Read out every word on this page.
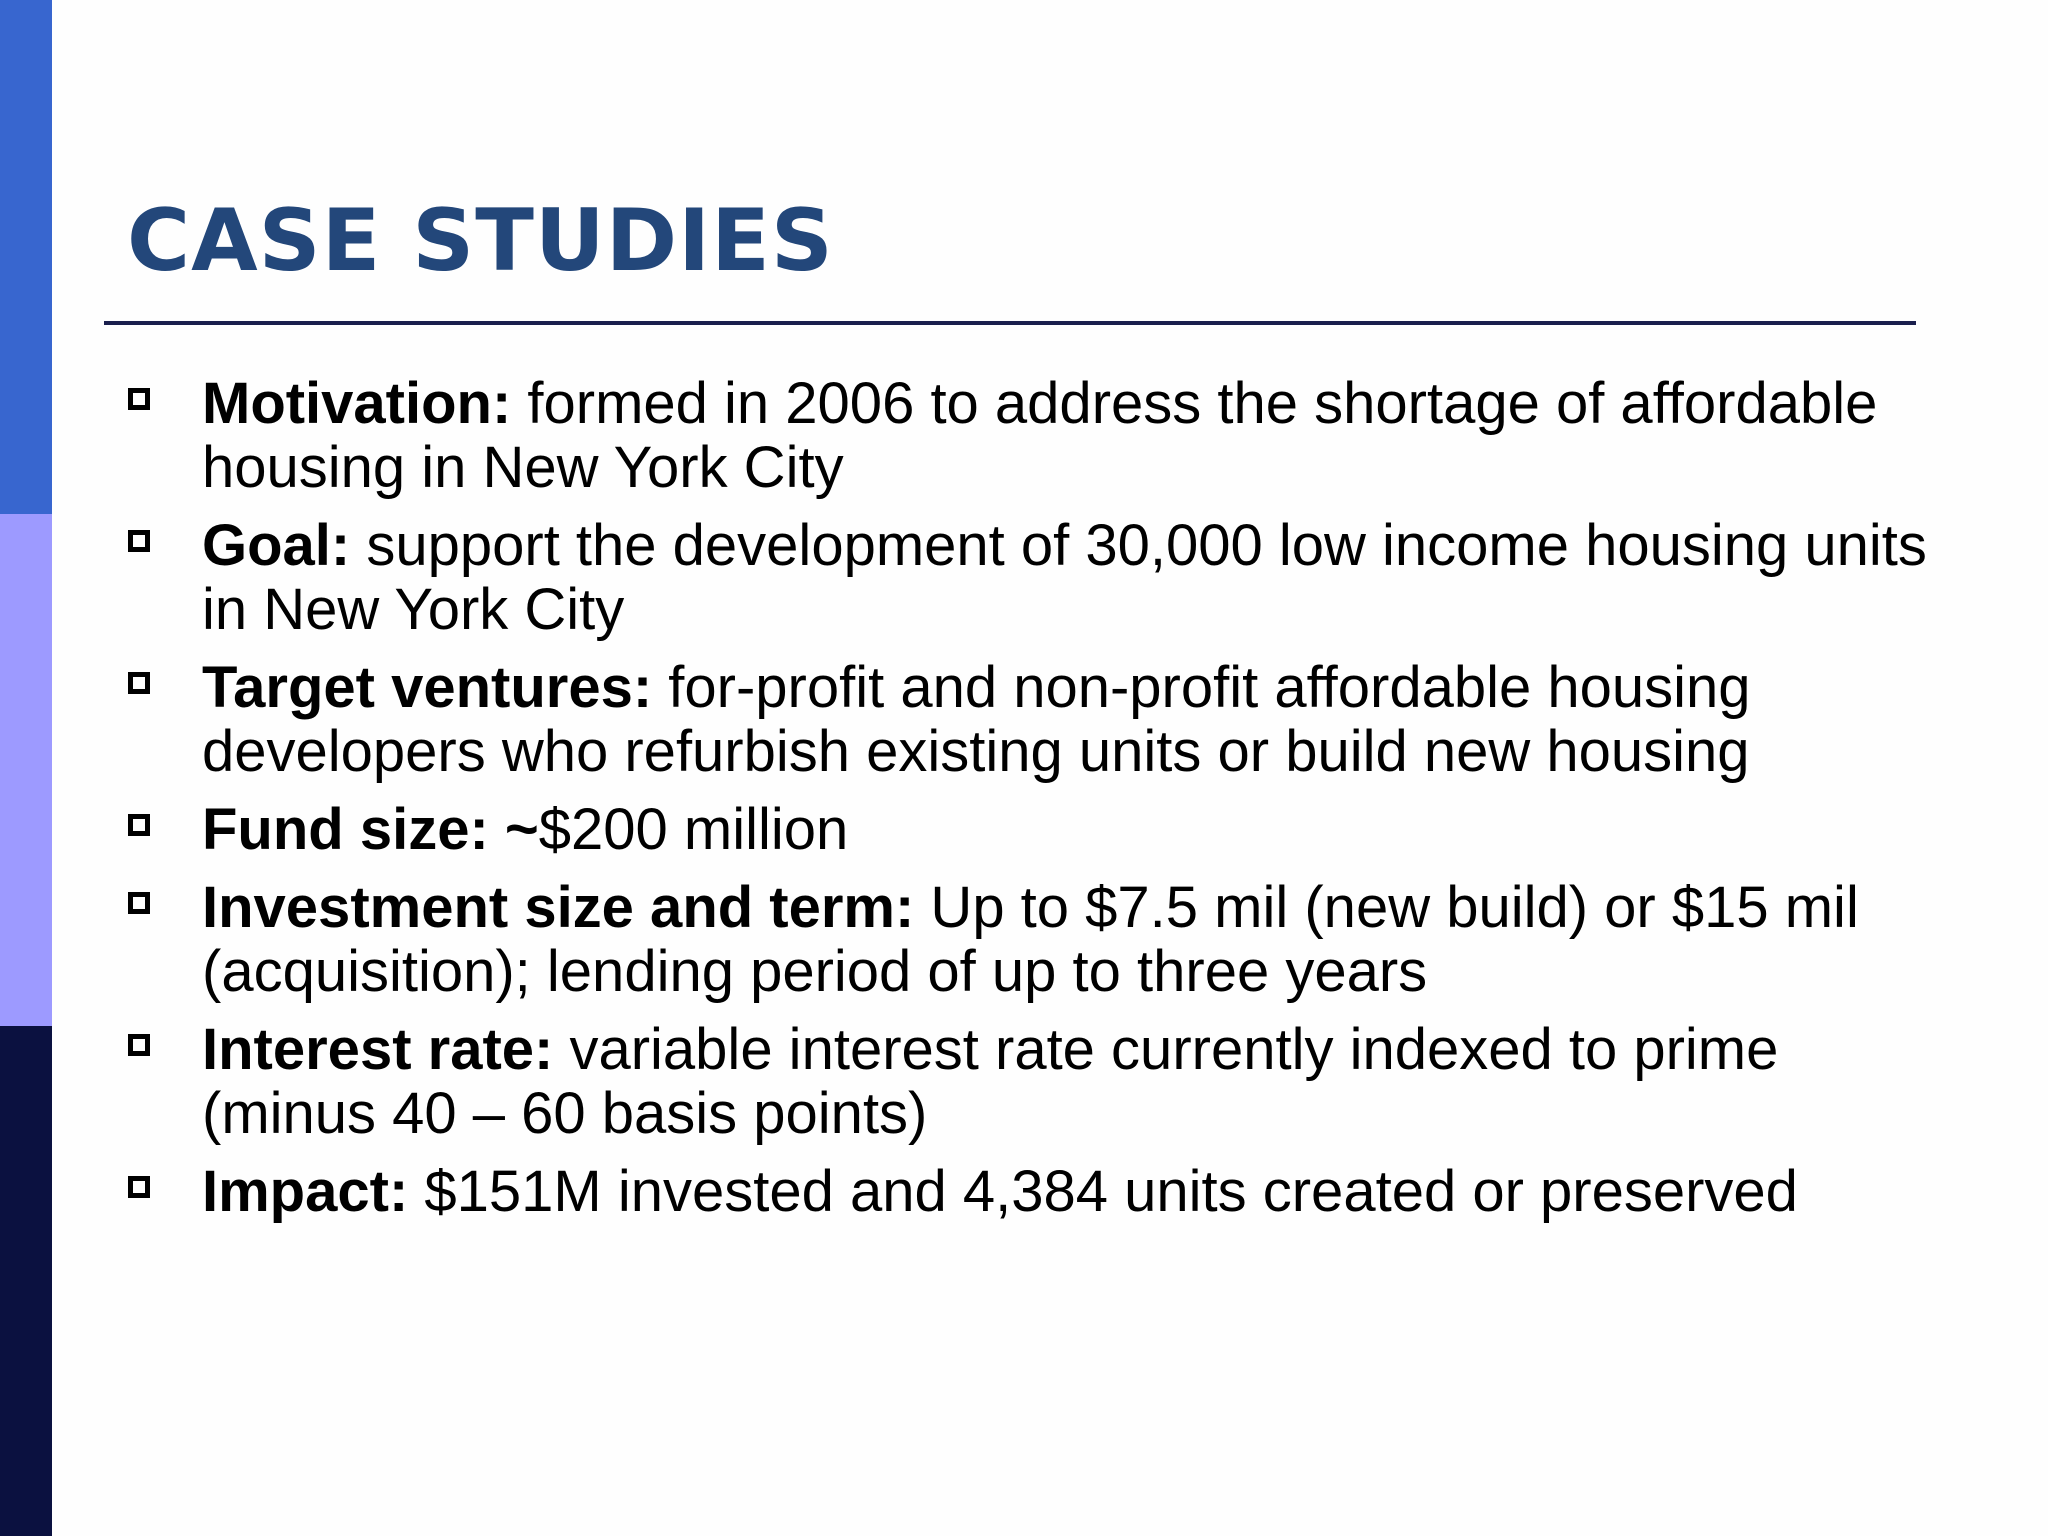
CASE STUDIES
Motivation: formed in 2006 to address the shortage of affordable housing in New York City
Goal: support the development of 30,000 low income housing units in New York City
Target ventures: for-profit and non-profit affordable housing developers who refurbish existing units or build new housing
Fund size: ~$200 million
Investment size and term: Up to $7.5 mil (new build) or $15 mil (acquisition); lending period of up to three years
Interest rate: variable interest rate currently indexed to prime (minus 40 – 60 basis points)
Impact: $151M invested and 4,384 units created or preserved
